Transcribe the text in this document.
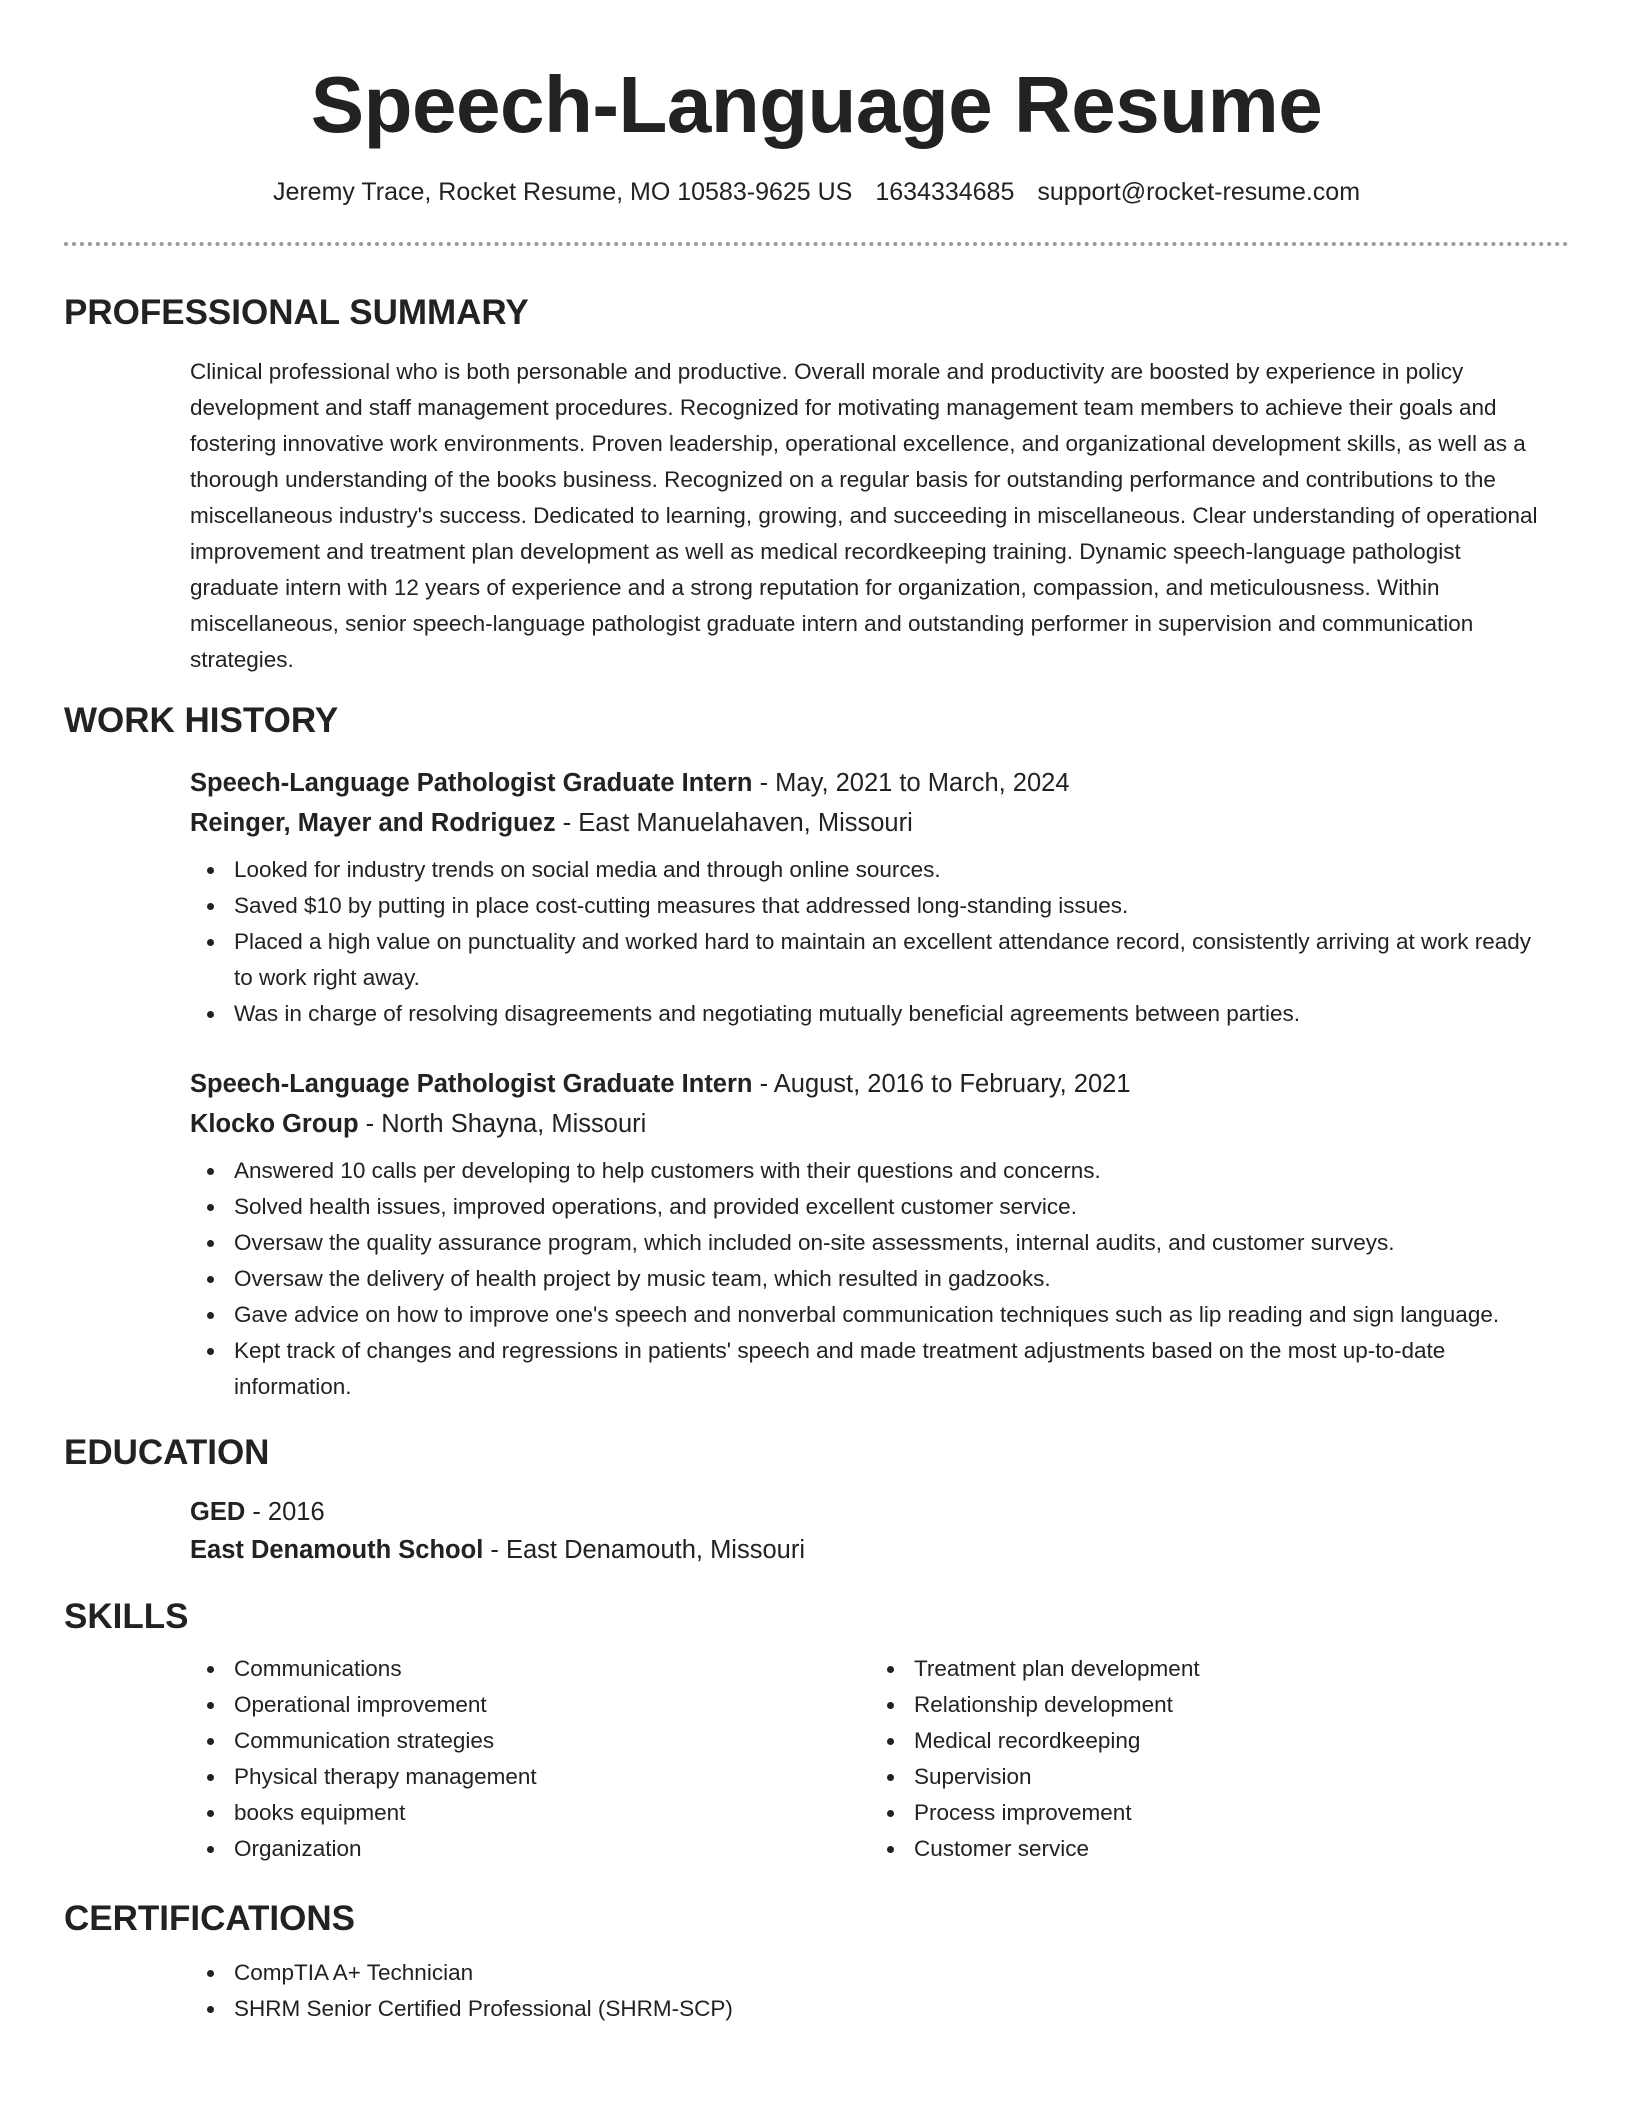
Speech-Language Resume
Jeremy Trace, Rocket Resume, MO 10583-9625 US 1634334685 support@rocket-resume.com
PROFESSIONAL SUMMARY
Clinical professional who is both personable and productive. Overall morale and productivity are boosted by experience in policy development and staff management procedures. Recognized for motivating management team members to achieve their goals and fostering innovative work environments. Proven leadership, operational excellence, and organizational development skills, as well as a thorough understanding of the books business. Recognized on a regular basis for outstanding performance and contributions to the miscellaneous industry's success. Dedicated to learning, growing, and succeeding in miscellaneous. Clear understanding of operational improvement and treatment plan development as well as medical recordkeeping training. Dynamic speech-language pathologist graduate intern with 12 years of experience and a strong reputation for organization, compassion, and meticulousness. Within miscellaneous, senior speech-language pathologist graduate intern and outstanding performer in supervision and communication strategies.
WORK HISTORY
Speech-Language Pathologist Graduate Intern - May, 2021 to March, 2024
Reinger, Mayer and Rodriguez - East Manuelahaven, Missouri
Looked for industry trends on social media and through online sources.
Saved $10 by putting in place cost-cutting measures that addressed long-standing issues.
Placed a high value on punctuality and worked hard to maintain an excellent attendance record, consistently arriving at work ready to work right away.
Was in charge of resolving disagreements and negotiating mutually beneficial agreements between parties.
Speech-Language Pathologist Graduate Intern - August, 2016 to February, 2021
Klocko Group - North Shayna, Missouri
Answered 10 calls per developing to help customers with their questions and concerns.
Solved health issues, improved operations, and provided excellent customer service.
Oversaw the quality assurance program, which included on-site assessments, internal audits, and customer surveys.
Oversaw the delivery of health project by music team, which resulted in gadzooks.
Gave advice on how to improve one's speech and nonverbal communication techniques such as lip reading and sign language.
Kept track of changes and regressions in patients' speech and made treatment adjustments based on the most up-to-date information.
EDUCATION
GED - 2016
East Denamouth School - East Denamouth, Missouri
SKILLS
Communications
Operational improvement
Communication strategies
Physical therapy management
books equipment
Organization
Treatment plan development
Relationship development
Medical recordkeeping
Supervision
Process improvement
Customer service
CERTIFICATIONS
CompTIA A+ Technician
SHRM Senior Certified Professional (SHRM-SCP)
